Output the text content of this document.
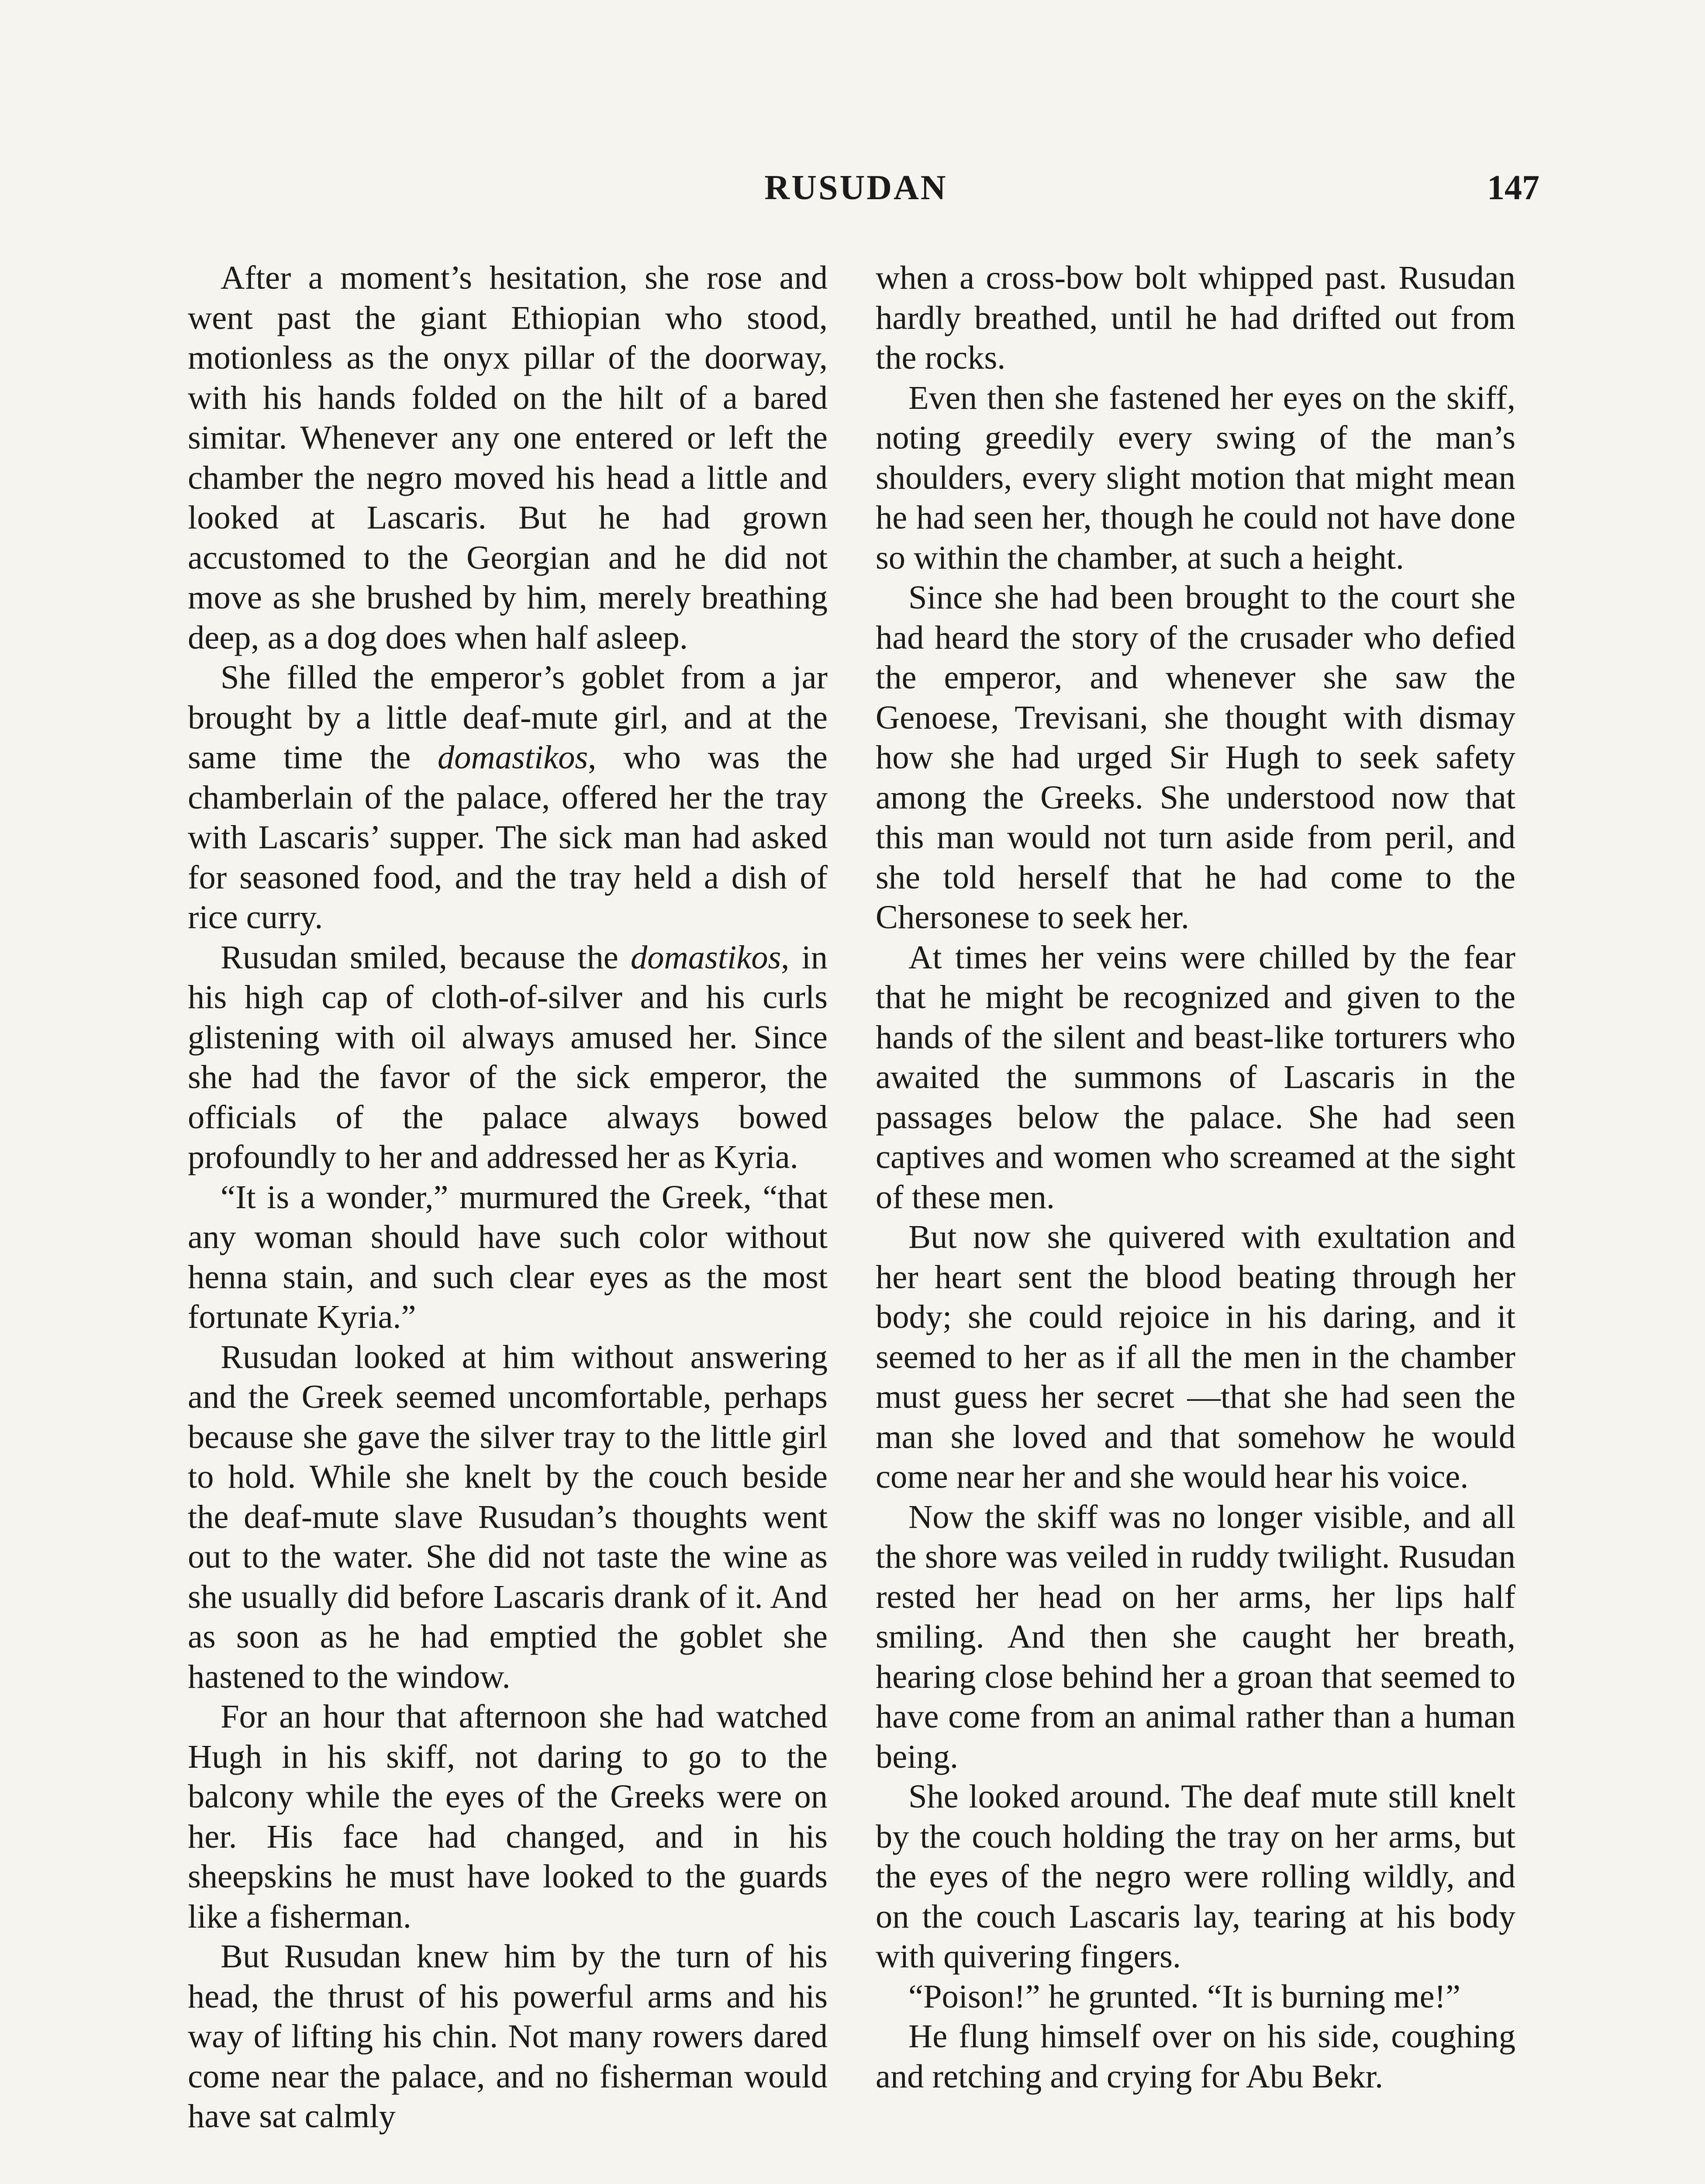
RUSUDAN	147

After a moment’s hesitation, she rose and went past the giant Ethiopian who stood, motionless as the onyx pillar of the doorway, with his hands folded on the hilt of a bared simitar. Whenever any one entered or left the chamber the negro moved his head a little and looked at Lascaris. But he had grown accustomed to the Georgian and he did not move as she brushed by him, merely breathing deep, as a dog does when half asleep.

She filled the emperor’s goblet from a jar brought by a little deaf-mute girl, and at the same time the domastikos, who was the chamberlain of the palace, offered her the tray with Lascaris’ supper. The sick man had asked for seasoned food, and the tray held a dish of rice curry.

Rusudan smiled, because the domastikos, in his high cap of cloth-of-silver and his curls glistening with oil always amused her. Since she had the favor of the sick emperor, the officials of the palace always bowed profoundly to her and addressed her as Kyria.

“It is a wonder,” murmured the Greek, “that any woman should have such color without henna stain, and such clear eyes as the most fortunate Kyria.”

Rusudan looked at him without answering and the Greek seemed uncomfortable, perhaps because she gave the silver tray to the little girl to hold. While she knelt by the couch beside the deaf-mute slave Rusudan’s thoughts went out to the water. She did not taste the wine as she usually did before Lascaris drank of it. And as soon as he had emptied the goblet she hastened to the window.

For an hour that afternoon she had watched Hugh in his skiff, not daring to go to the balcony while the eyes of the Greeks were on her. His face had changed, and in his sheepskins he must have looked to the guards like a fisherman.

But Rusudan knew him by the turn of his head, the thrust of his powerful arms and his way of lifting his chin. Not many rowers dared come near the palace, and no fisherman would have sat calmly

when a cross-bow bolt whipped past. Rusudan hardly breathed, until he had drifted out from the rocks.

Even then she fastened her eyes on the skiff, noting greedily every swing of the man’s shoulders, every slight motion that might mean he had seen her, though he could not have done so within the chamber, at such a height.

Since she had been brought to the court she had heard the story of the crusader who defied the emperor, and whenever she saw the Genoese, Trevisani, she thought with dismay how she had urged Sir Hugh to seek safety among the Greeks. She understood now that this man would not turn aside from peril, and she told herself that he had come to the Chersonese to seek her.

At times her veins were chilled by the fear that he might be recognized and given to the hands of the silent and beast-like torturers who awaited the summons of Lascaris in the passages below the palace. She had seen captives and women who screamed at the sight of these men.

But now she quivered with exultation and her heart sent the blood beating through her body; she could rejoice in his daring, and it seemed to her as if all the men in the chamber must guess her secret —that she had seen the man she loved and that somehow he would come near her and she would hear his voice.

Now the skiff was no longer visible, and all the shore was veiled in ruddy twilight. Rusudan rested her head on her arms, her lips half smiling. And then she caught her breath, hearing close behind her a groan that seemed to have come from an animal rather than a human being.

She looked around. The deaf mute still knelt by the couch holding the tray on her arms, but the eyes of the negro were rolling wildly, and on the couch Lascaris lay, tearing at his body with quivering fingers.

“Poison!” he grunted. “It is burning me!”

He flung himself over on his side, coughing and retching and crying for Abu Bekr.
